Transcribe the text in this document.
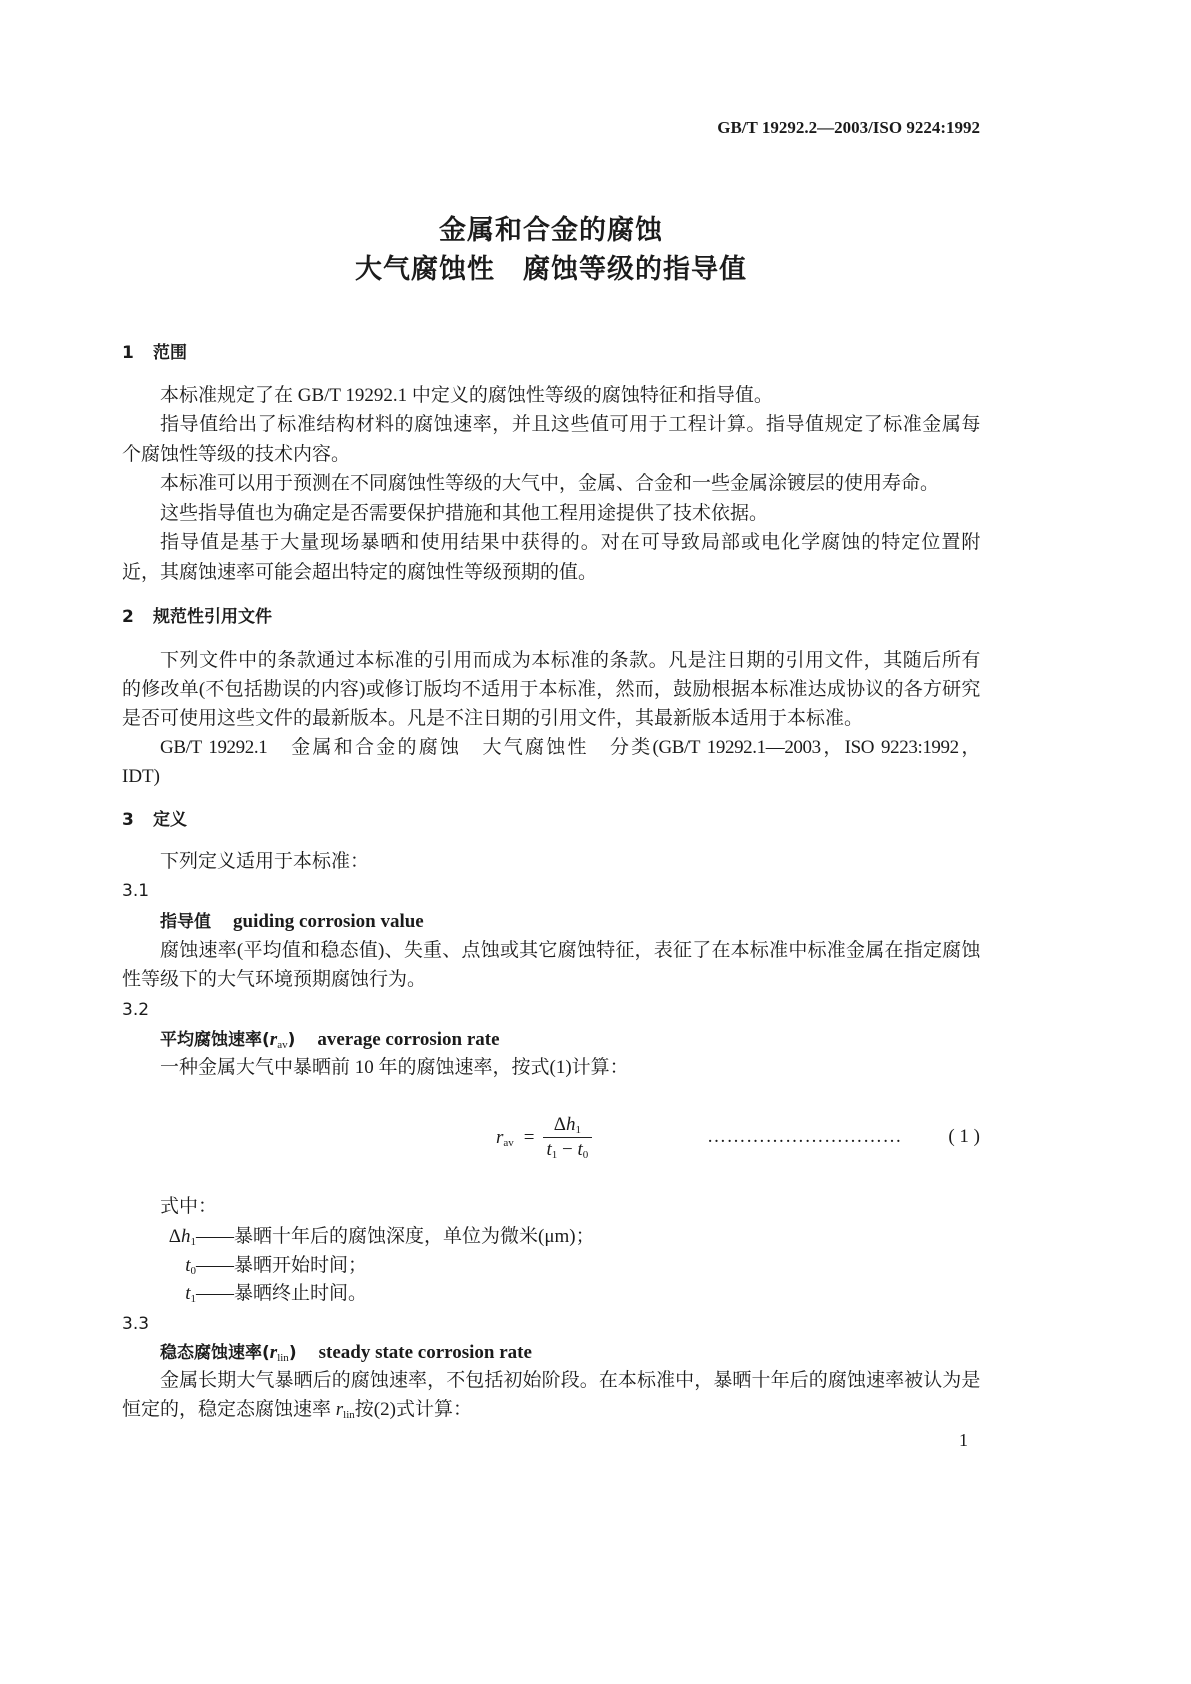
GB/T 19292.2—2003/ISO 9224:1992
金属和合金的腐蚀
大气腐蚀性　腐蚀等级的指导值
1 范围
本标准规定了在 GB/T 19292.1 中定义的腐蚀性等级的腐蚀特征和指导值。
指导值给出了标准结构材料的腐蚀速率，并且这些值可用于工程计算。指导值规定了标准金属每
个腐蚀性等级的技术内容。
本标准可以用于预测在不同腐蚀性等级的大气中，金属、合金和一些金属涂镀层的使用寿命。
这些指导值也为确定是否需要保护措施和其他工程用途提供了技术依据。
指导值是基于大量现场暴晒和使用结果中获得的。对在可导致局部或电化学腐蚀的特定位置附
近，其腐蚀速率可能会超出特定的腐蚀性等级预期的值。
2 规范性引用文件
下列文件中的条款通过本标准的引用而成为本标准的条款。凡是注日期的引用文件，其随后所有
的修改单(不包括勘误的内容)或修订版均不适用于本标准，然而，鼓励根据本标准达成协议的各方研究
是否可使用这些文件的最新版本。凡是不注日期的引用文件，其最新版本适用于本标准。
GB/T 19292.1　金属和合金的腐蚀　大气腐蚀性　分类(GB/T 19292.1—2003，ISO 9223:1992，
IDT)
3 定义
下列定义适用于本标准：
3.1
指导值 guiding corrosion value
腐蚀速率(平均值和稳态值)、失重、点蚀或其它腐蚀特征，表征了在本标准中标准金属在指定腐蚀
性等级下的大气环境预期腐蚀行为。
3.2
平均腐蚀速率$(r_{av})$ average corrosion rate
一种金属大气中暴晒前 10 年的腐蚀速率，按式(1)计算：
$r_{av} = \frac{\Delta h_1}{t_1 - t_0}$	…………………………	( 1 )
式中：
$\Delta h_1$ ——暴晒十年后的腐蚀深度，单位为微米(μm)；
$t_0$ ——暴晒开始时间；
$t_1$ ——暴晒终止时间。
3.3
稳态腐蚀速率$(r_{lin})$ steady state corrosion rate
金属长期大气暴晒后的腐蚀速率，不包括初始阶段。在本标准中，暴晒十年后的腐蚀速率被认为是
恒定的，稳定态腐蚀速率 $r_{lin}$按(2)式计算：
1
